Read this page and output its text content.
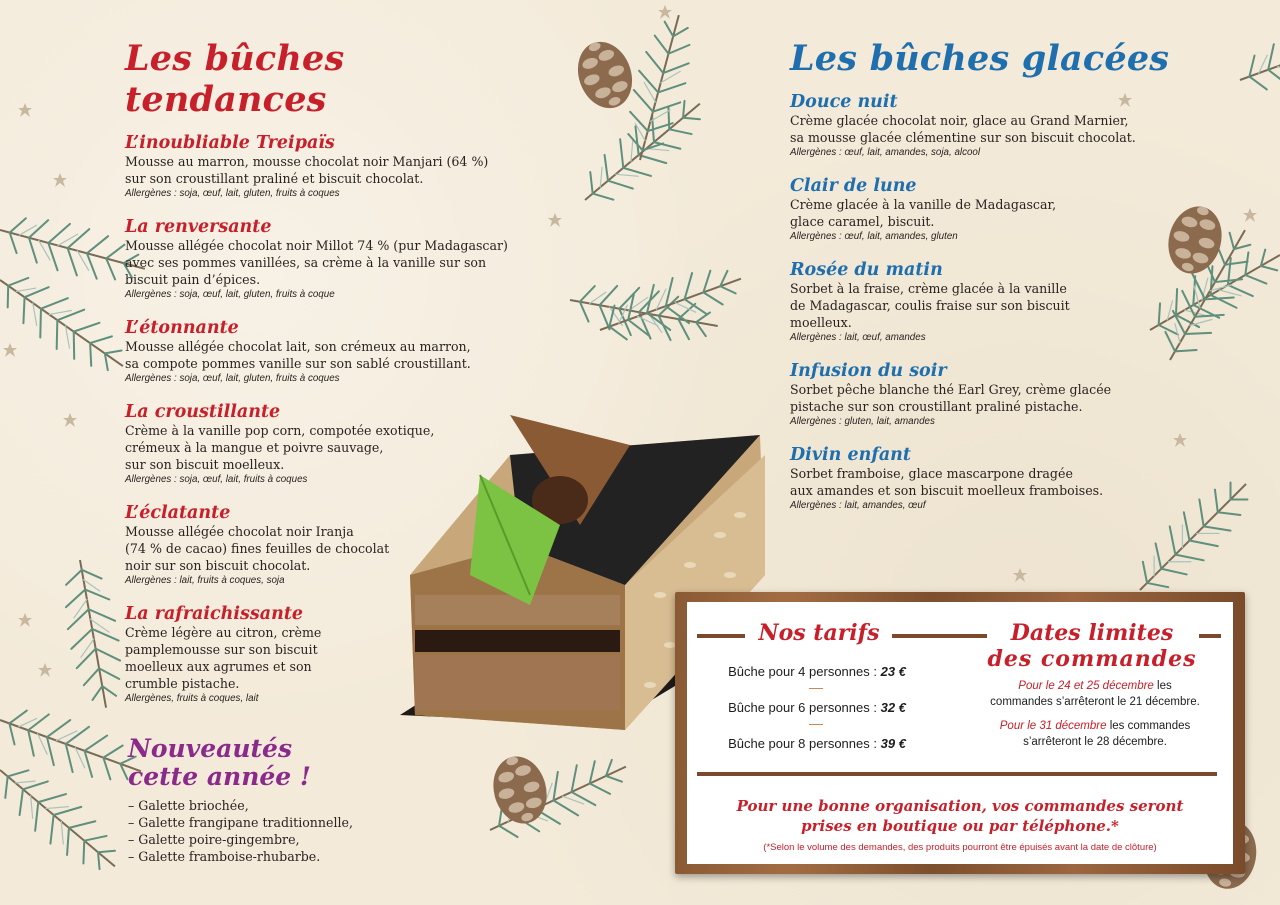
Les bûches tendances
L’inoubliable Treipaïs

Mousse au marron, mousse chocolat noir Manjari (64 %)
sur son croustillant praliné et biscuit chocolat.

Allergènes : soja, œuf, lait, gluten, fruits à coques

La renversante

Mousse allégée chocolat noir Millot 74 % (pur Madagascar)
avec ses pommes vanillées, sa crème à la vanille sur son
biscuit pain d’épices.

Allergènes : soja, œuf, lait, gluten, fruits à coque

L’étonnante

Mousse allégée chocolat lait, son crémeux au marron,
sa compote pommes vanille sur son sablé croustillant.

Allergènes : soja, œuf, lait, gluten, fruits à coques

La croustillante

Crème à la vanille pop corn, compotée exotique,
crémeux à la mangue et poivre sauvage,
sur son biscuit moelleux.

Allergènes : soja, œuf, lait, fruits à coques

L’éclatante

Mousse allégée chocolat noir Iranja
(74 % de cacao) fines feuilles de chocolat
noir sur son biscuit chocolat.

Allergènes : lait, fruits à coques, soja

La rafraichissante

Crème légère au citron, crème
pamplemousse sur son biscuit
moelleux aux agrumes et son
crumble pistache.

Allergènes, fruits à coques, lait

Les bûches glacées
Douce nuit

Crème glacée chocolat noir, glace au Grand Marnier,
sa mousse glacée clémentine sur son biscuit chocolat.

Allergènes : œuf, lait, amandes, soja, alcool

Clair de lune

Crème glacée à la vanille de Madagascar,
glace caramel, biscuit.

Allergènes : œuf, lait, amandes, gluten

Rosée du matin

Sorbet à la fraise, crème glacée à la vanille
de Madagascar, coulis fraise sur son biscuit
moelleux.

Allergènes : lait, œuf, amandes

Infusion du soir

Sorbet pêche blanche thé Earl Grey, crème glacée
pistache sur son croustillant praliné pistache.

Allergènes : gluten, lait, amandes

Divin enfant

Sorbet framboise, glace mascarpone dragée
aux amandes et son biscuit moelleux framboises.

Allergènes : lait, amandes, œuf

Nouveautés
cette année !
– Galette briochée,
– Galette frangipane traditionnelle,
– Galette poire-gingembre,
– Galette framboise-rhubarbe.
Nos tarifs	Dates limites
des commandes
Bûche pour 4 personnes : 23 €
Bûche pour 6 personnes : 32 €
Bûche pour 8 personnes : 39 €
Pour le 24 et 25 décembre les
commandes s’arrêteront le 21 décembre.
Pour le 31 décembre les commandes
s’arrêteront le 28 décembre.
Pour une bonne organisation, vos commandes seront
prises en boutique ou par téléphone.*
(*Selon le volume des demandes, des produits pourront être épuisés avant la date de clôture)
